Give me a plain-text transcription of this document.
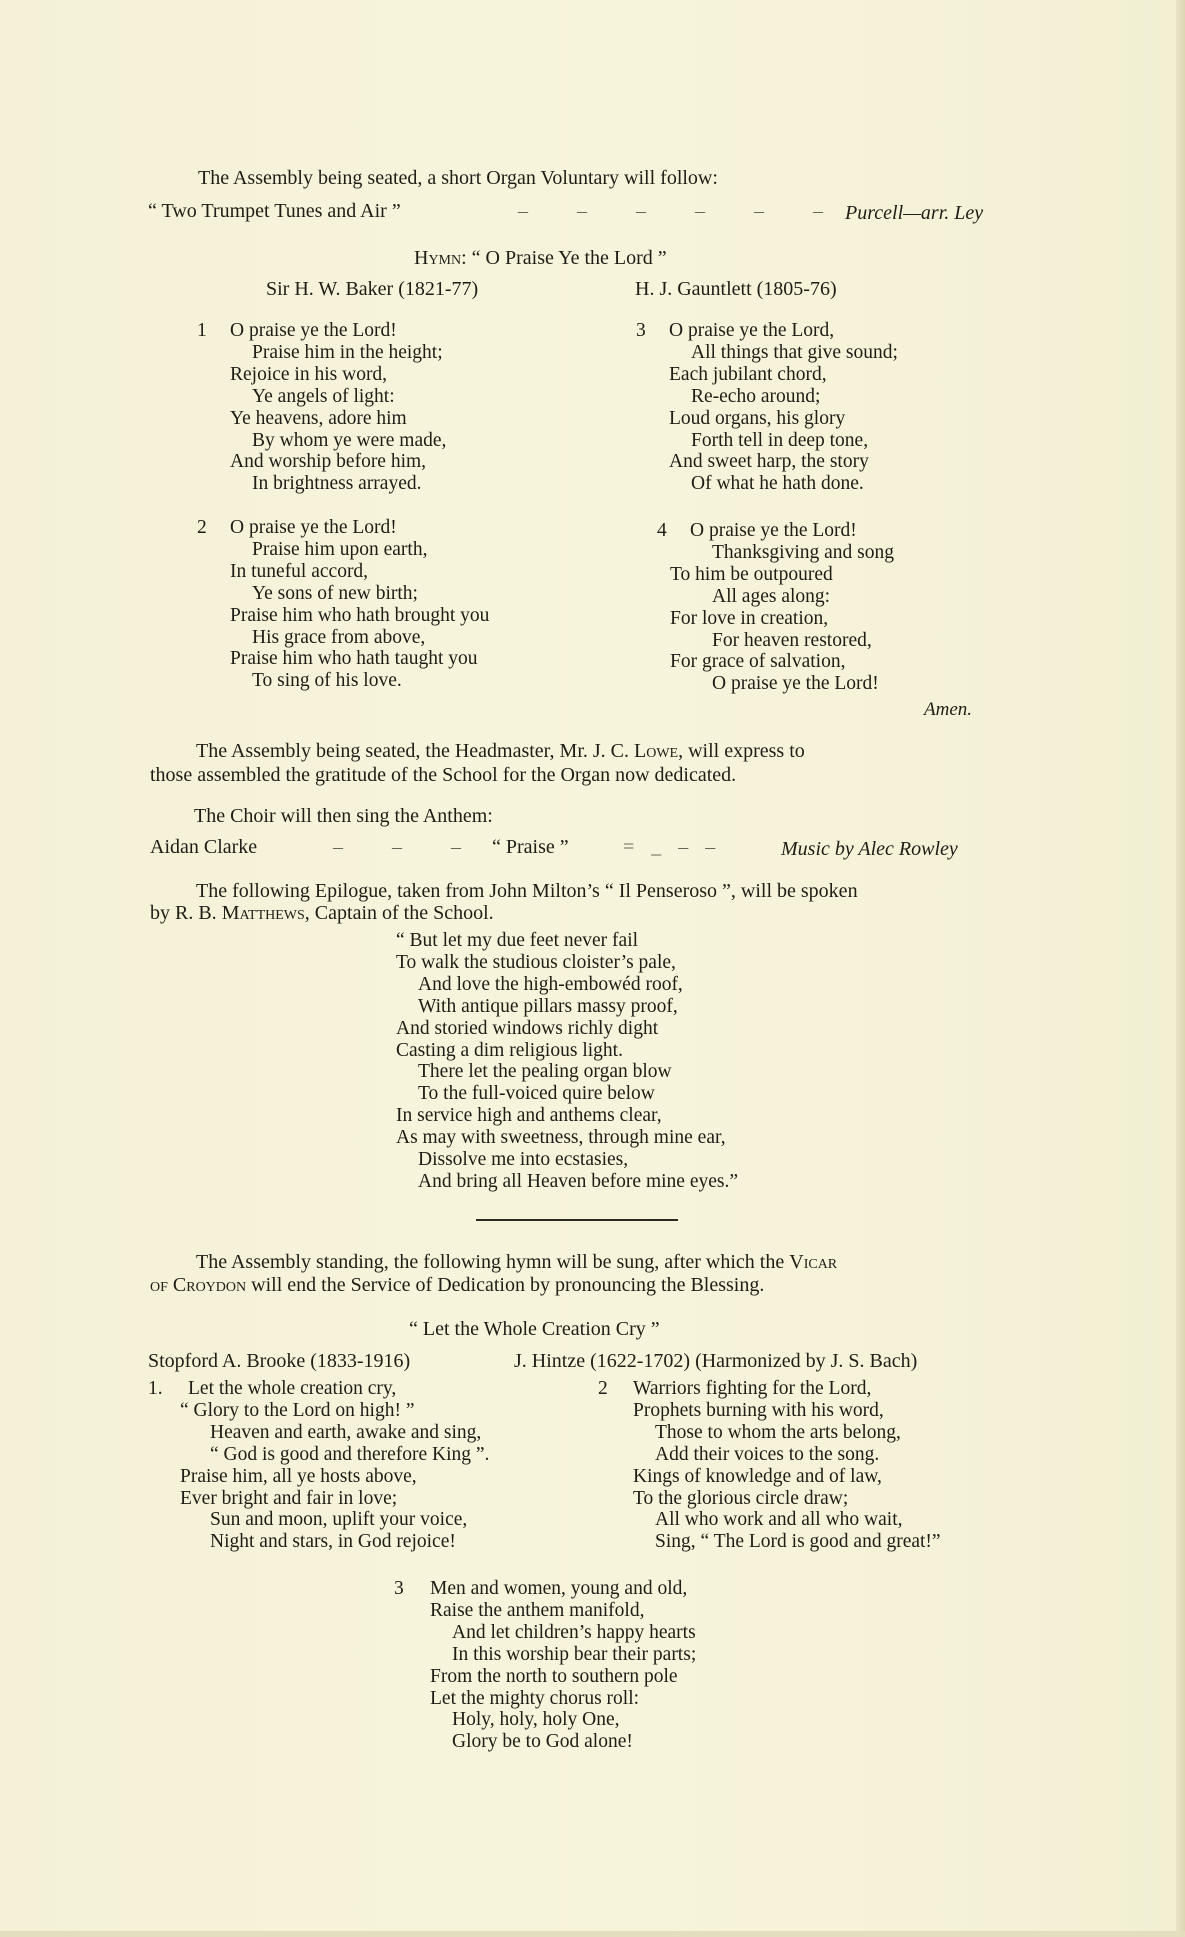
The Assembly being seated, a short Organ Voluntary will follow:
“ Two Trumpet Tunes and Air ”	– – – – – – Purcell—arr. Ley
Hymn: “ O Praise Ye the Lord ”
Sir H. W. Baker (1821-77)	H. J. Gauntlett (1805-76)
1 O praise ye the Lord!
Praise him in the height;
Rejoice in his word,
Ye angels of light:
Ye heavens, adore him
By whom ye were made,
And worship before him,
In brightness arrayed.
2 O praise ye the Lord!
Praise him upon earth,
In tuneful accord,
Ye sons of new birth;
Praise him who hath brought you
His grace from above,
Praise him who hath taught you
To sing of his love.
3 O praise ye the Lord,
All things that give sound;
Each jubilant chord,
Re-echo around;
Loud organs, his glory
Forth tell in deep tone,
And sweet harp, the story
Of what he hath done.
4 O praise ye the Lord!
Thanksgiving and song
To him be outpoured
All ages along:
For love in creation,
For heaven restored,
For grace of salvation,
O praise ye the Lord!
Amen.
The Assembly being seated, the Headmaster, Mr. J. C. Lowe, will express to
those assembled the gratitude of the School for the Organ now dedicated.
The Choir will then sing the Anthem:
Aidan Clarke	– – – “ Praise ”	= _ – –	Music by Alec Rowley
The following Epilogue, taken from John Milton’s “ Il Penseroso ”, will be spoken
by R. B. Matthews, Captain of the School.
“ But let my due feet never fail
To walk the studious cloister’s pale,
And love the high-embowéd roof,
With antique pillars massy proof,
And storied windows richly dight
Casting a dim religious light.
There let the pealing organ blow
To the full-voiced quire below
In service high and anthems clear,
As may with sweetness, through mine ear,
Dissolve me into ecstasies,
And bring all Heaven before mine eyes.”
The Assembly standing, the following hymn will be sung, after which the Vicar
of Croydon will end the Service of Dedication by pronouncing the Blessing.
“ Let the Whole Creation Cry ”
Stopford A. Brooke (1833-1916)	J. Hintze (1622-1702) (Harmonized by J. S. Bach)
1. Let the whole creation cry,
“ Glory to the Lord on high! ”
Heaven and earth, awake and sing,
“ God is good and therefore King ”.
Praise him, all ye hosts above,
Ever bright and fair in love;
Sun and moon, uplift your voice,
Night and stars, in God rejoice!
2 Warriors fighting for the Lord,
Prophets burning with his word,
Those to whom the arts belong,
Add their voices to the song.
Kings of knowledge and of law,
To the glorious circle draw;
All who work and all who wait,
Sing, “ The Lord is good and great!”
3 Men and women, young and old,
Raise the anthem manifold,
And let children’s happy hearts
In this worship bear their parts;
From the north to southern pole
Let the mighty chorus roll:
Holy, holy, holy One,
Glory be to God alone!
